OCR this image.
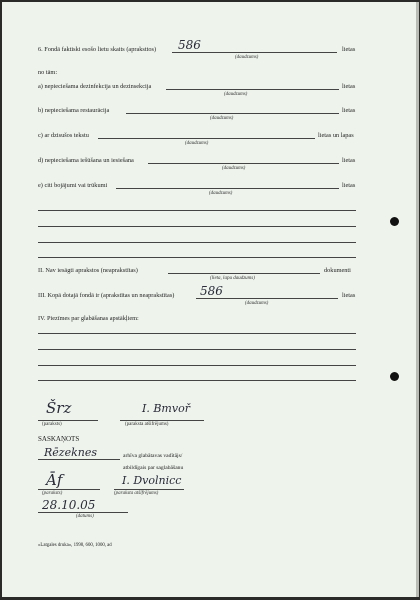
6. Fondā faktiski esošo lietu skaits (apraksttos) 586	lietas
(daudzums)
no tām:
a) nepieciešama dezinfekcija un dezinsekcija	lietas
(daudzums)
b) nepieciešama restaurācija	lietas
(daudzums)
c) ar dzisušos tekstu	lietas un lapas
(daudzums)
d) nepieciešama iešūšana un iesiešana	lietas
(daudzums)
e) citi bojājumi vai trūkumi	lietas
(daudzums)
II. Nav iesāgti aprakstos (neaprakstītas)	dokumenti
(lieta, lapu daudzums)
III. Kopā dotajā fondā ir (aprakstītas un neaprakstītas) 586	lietas
(daudzums)
IV. Piezīmes par glabāšanas apstākļiem:
Šrz
(paraksts)
I. Bmvoř
(paraksta atšifrējums)
SASKAŅOTS
Rēzeknes	arhīva glabātavas vadītājs/
atbildīgais par saglabāšanu
Āf
(paraksts)
I. Dvolnicc
(paraksta atšifrējums)
28.10.05
(datums)
«Latgales druka», 1998, 600, 1000, ad
